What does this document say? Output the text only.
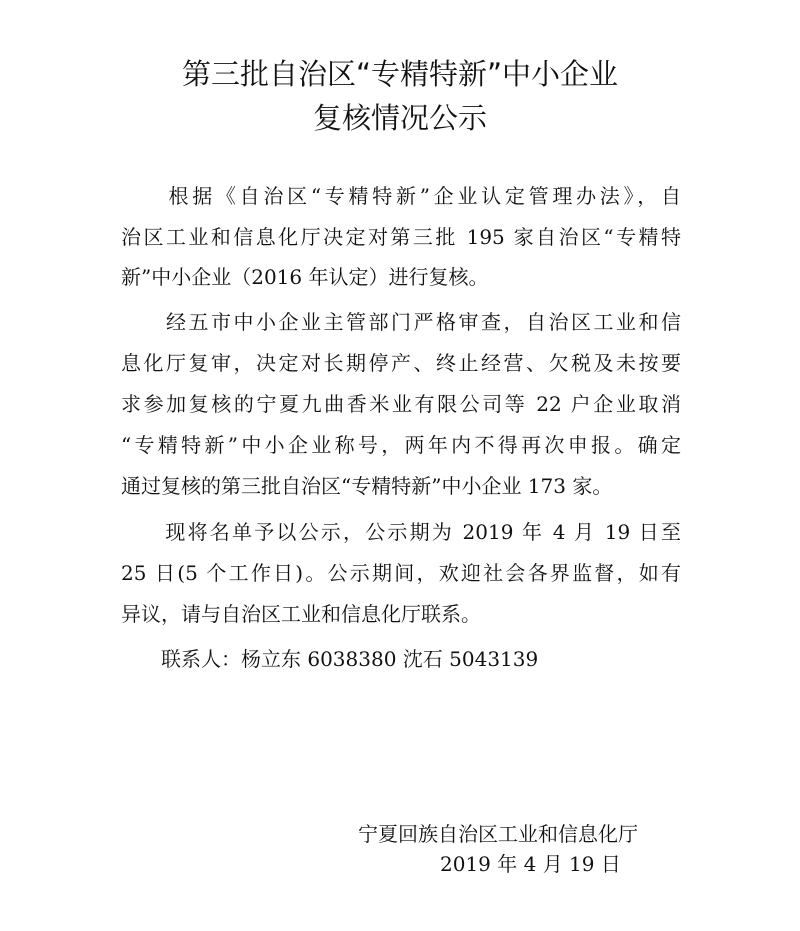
第三批自治区“专精特新”中小企业
复核情况公示
　　根据《自治区“专精特新”企业认定管理办法》，自
治区工业和信息化厅决定对第三批 195 家自治区“专精特
新”中小企业（2016 年认定）进行复核。
　　经五市中小企业主管部门严格审查，自治区工业和信
息化厅复审，决定对长期停产、终止经营、欠税及未按要
求参加复核的宁夏九曲香米业有限公司等 22 户企业取消
“专精特新”中小企业称号，两年内不得再次申报。确定
通过复核的第三批自治区“专精特新”中小企业 173 家。
　　现将名单予以公示，公示期为 2019 年 4 月 19 日至
25 日(5 个工作日)。公示期间，欢迎社会各界监督，如有
异议，请与自治区工业和信息化厅联系。
　　联系人：杨立东 6038380 沈石 5043139
宁夏回族自治区工业和信息化厅
2019 年 4 月 19 日
